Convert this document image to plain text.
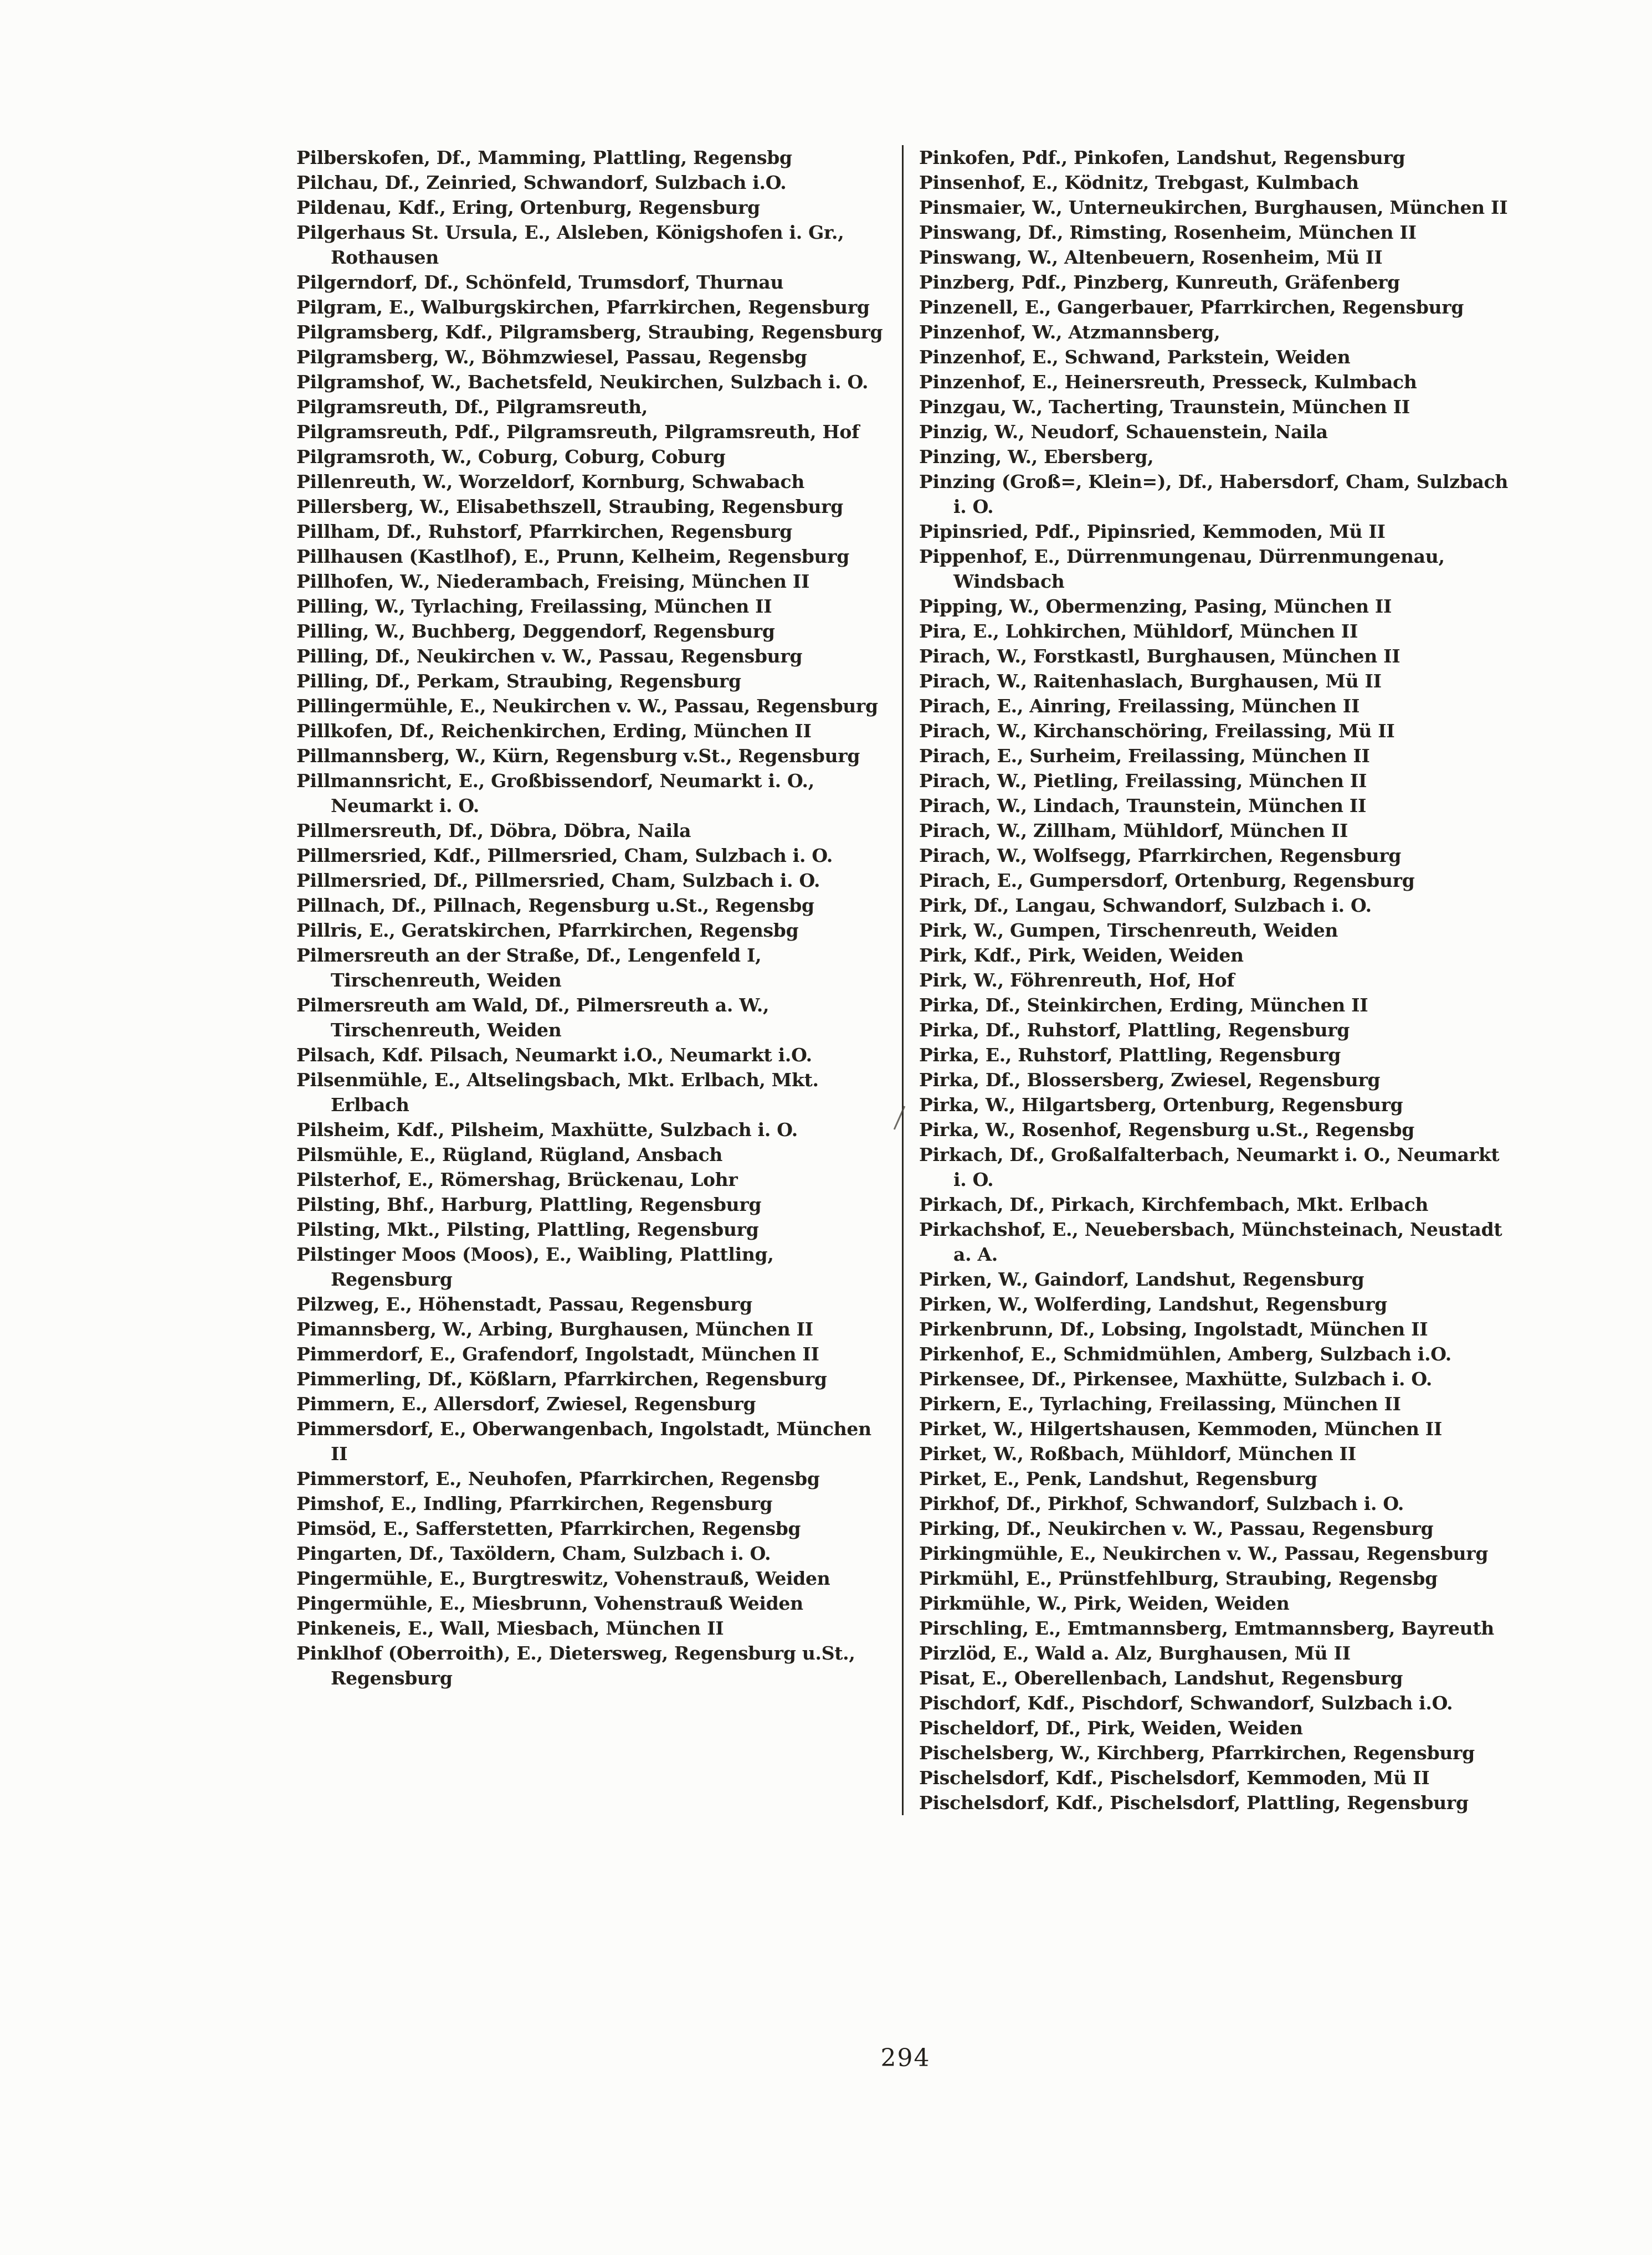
Pilberskofen, Df., Mamming, Plattling, Regensbg
Pilchau, Df., Zeinried, Schwandorf, Sulzbach i.O.
Pildenau, Kdf., Ering, Ortenburg, Regensburg
Pilgerhaus St. Ursula, E., Alsleben, Königshofen i. Gr., Rothausen
Pilgerndorf, Df., Schönfeld, Trumsdorf, Thurnau
Pilgram, E., Walburgskirchen, Pfarrkirchen, Regensburg
Pilgramsberg, Kdf., Pilgramsberg, Straubing, Regensburg
Pilgramsberg, W., Böhmzwiesel, Passau, Regensbg
Pilgramshof, W., Bachetsfeld, Neukirchen, Sulzbach i. O.
Pilgramsreuth, Df., Pilgramsreuth,
Pilgramsreuth, Pdf., Pilgramsreuth, Pilgramsreuth, Hof
Pilgramsroth, W., Coburg, Coburg, Coburg
Pillenreuth, W., Worzeldorf, Kornburg, Schwabach
Pillersberg, W., Elisabethszell, Straubing, Regensburg
Pillham, Df., Ruhstorf, Pfarrkirchen, Regensburg
Pillhausen (Kastlhof), E., Prunn, Kelheim, Regensburg
Pillhofen, W., Niederambach, Freising, München II
Pilling, W., Tyrlaching, Freilassing, München II
Pilling, W., Buchberg, Deggendorf, Regensburg
Pilling, Df., Neukirchen v. W., Passau, Regensburg
Pilling, Df., Perkam, Straubing, Regensburg
Pillingermühle, E., Neukirchen v. W., Passau, Regensburg
Pillkofen, Df., Reichenkirchen, Erding, München II
Pillmannsberg, W., Kürn, Regensburg v.St., Regensburg
Pillmannsricht, E., Großbissendorf, Neumarkt i. O., Neumarkt i. O.
Pillmersreuth, Df., Döbra, Döbra, Naila
Pillmersried, Kdf., Pillmersried, Cham, Sulzbach i. O.
Pillmersried, Df., Pillmersried, Cham, Sulzbach i. O.
Pillnach, Df., Pillnach, Regensburg u.St., Regensbg
Pillris, E., Geratskirchen, Pfarrkirchen, Regensbg
Pilmersreuth an der Straße, Df., Lengenfeld I, Tirschenreuth, Weiden
Pilmersreuth am Wald, Df., Pilmersreuth a. W., Tirschenreuth, Weiden
Pilsach, Kdf. Pilsach, Neumarkt i.O., Neumarkt i.O.
Pilsenmühle, E., Altselingsbach, Mkt. Erlbach, Mkt. Erlbach
Pilsheim, Kdf., Pilsheim, Maxhütte, Sulzbach i. O.
Pilsmühle, E., Rügland, Rügland, Ansbach
Pilsterhof, E., Römershag, Brückenau, Lohr
Pilsting, Bhf., Harburg, Plattling, Regensburg
Pilsting, Mkt., Pilsting, Plattling, Regensburg
Pilstinger Moos (Moos), E., Waibling, Plattling, Regensburg
Pilzweg, E., Höhenstadt, Passau, Regensburg
Pimannsberg, W., Arbing, Burghausen, München II
Pimmerdorf, E., Grafendorf, Ingolstadt, München II
Pimmerling, Df., Kößlarn, Pfarrkirchen, Regensburg
Pimmern, E., Allersdorf, Zwiesel, Regensburg
Pimmersdorf, E., Oberwangenbach, Ingolstadt, München II
Pimmerstorf, E., Neuhofen, Pfarrkirchen, Regensbg
Pimshof, E., Indling, Pfarrkirchen, Regensburg
Pimsöd, E., Safferstetten, Pfarrkirchen, Regensbg
Pingarten, Df., Taxöldern, Cham, Sulzbach i. O.
Pingermühle, E., Burgtreswitz, Vohenstrauß, Weiden
Pingermühle, E., Miesbrunn, Vohenstrauß Weiden
Pinkeneis, E., Wall, Miesbach, München II
Pinklhof (Oberroith), E., Dietersweg, Regensburg u.St., Regensburg
Pinkofen, Pdf., Pinkofen, Landshut, Regensburg
Pinsenhof, E., Ködnitz, Trebgast, Kulmbach
Pinsmaier, W., Unterneukirchen, Burghausen, München II
Pinswang, Df., Rimsting, Rosenheim, München II
Pinswang, W., Altenbeuern, Rosenheim, Mü II
Pinzberg, Pdf., Pinzberg, Kunreuth, Gräfenberg
Pinzenell, E., Gangerbauer, Pfarrkirchen, Regensburg
Pinzenhof, W., Atzmannsberg,
Pinzenhof, E., Schwand, Parkstein, Weiden
Pinzenhof, E., Heinersreuth, Presseck, Kulmbach
Pinzgau, W., Tacherting, Traunstein, München II
Pinzig, W., Neudorf, Schauenstein, Naila
Pinzing, W., Ebersberg,
Pinzing (Groß=, Klein=), Df., Habersdorf, Cham, Sulzbach i. O.
Pipinsried, Pdf., Pipinsried, Kemmoden, Mü II
Pippenhof, E., Dürrenmungenau, Dürrenmungenau, Windsbach
Pipping, W., Obermenzing, Pasing, München II
Pira, E., Lohkirchen, Mühldorf, München II
Pirach, W., Forstkastl, Burghausen, München II
Pirach, W., Raitenhaslach, Burghausen, Mü II
Pirach, E., Ainring, Freilassing, München II
Pirach, W., Kirchanschöring, Freilassing, Mü II
Pirach, E., Surheim, Freilassing, München II
Pirach, W., Pietling, Freilassing, München II
Pirach, W., Lindach, Traunstein, München II
Pirach, W., Zillham, Mühldorf, München II
Pirach, W., Wolfsegg, Pfarrkirchen, Regensburg
Pirach, E., Gumpersdorf, Ortenburg, Regensburg
Pirk, Df., Langau, Schwandorf, Sulzbach i. O.
Pirk, W., Gumpen, Tirschenreuth, Weiden
Pirk, Kdf., Pirk, Weiden, Weiden
Pirk, W., Föhrenreuth, Hof, Hof
Pirka, Df., Steinkirchen, Erding, München II
Pirka, Df., Ruhstorf, Plattling, Regensburg
Pirka, E., Ruhstorf, Plattling, Regensburg
Pirka, Df., Blossersberg, Zwiesel, Regensburg
Pirka, W., Hilgartsberg, Ortenburg, Regensburg
Pirka, W., Rosenhof, Regensburg u.St., Regensbg
Pirkach, Df., Großalfalterbach, Neumarkt i. O., Neumarkt i. O.
Pirkach, Df., Pirkach, Kirchfembach, Mkt. Erlbach
Pirkachshof, E., Neuebersbach, Münchsteinach, Neustadt a. A.
Pirken, W., Gaindorf, Landshut, Regensburg
Pirken, W., Wolferding, Landshut, Regensburg
Pirkenbrunn, Df., Lobsing, Ingolstadt, München II
Pirkenhof, E., Schmidmühlen, Amberg, Sulzbach i.O.
Pirkensee, Df., Pirkensee, Maxhütte, Sulzbach i. O.
Pirkern, E., Tyrlaching, Freilassing, München II
Pirket, W., Hilgertshausen, Kemmoden, München II
Pirket, W., Roßbach, Mühldorf, München II
Pirket, E., Penk, Landshut, Regensburg
Pirkhof, Df., Pirkhof, Schwandorf, Sulzbach i. O.
Pirking, Df., Neukirchen v. W., Passau, Regensburg
Pirkingmühle, E., Neukirchen v. W., Passau, Regensburg
Pirkmühl, E., Prünstfehlburg, Straubing, Regensbg
Pirkmühle, W., Pirk, Weiden, Weiden
Pirschling, E., Emtmannsberg, Emtmannsberg, Bayreuth
Pirzlöd, E., Wald a. Alz, Burghausen, Mü II
Pisat, E., Oberellenbach, Landshut, Regensburg
Pischdorf, Kdf., Pischdorf, Schwandorf, Sulzbach i.O.
Pischeldorf, Df., Pirk, Weiden, Weiden
Pischelsberg, W., Kirchberg, Pfarrkirchen, Regensburg
Pischelsdorf, Kdf., Pischelsdorf, Kemmoden, Mü II
Pischelsdorf, Kdf., Pischelsdorf, Plattling, Regensburg
294
